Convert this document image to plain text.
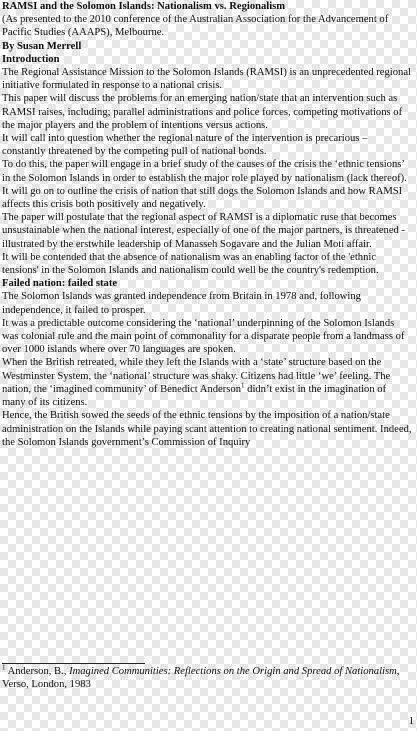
RAMSI and the Solomon Islands: Nationalism vs. Regionalism

(As presented to the 2010 conference of the Australian Association for the Advancement of Pacific Studies (AAAPS), Melbourne.

By Susan Merrell

Introduction

The Regional Assistance Mission to the Solomon Islands (RAMSI) is an unprecedented regional initiative formulated in response to a national crisis.

This paper will discuss the problems for an emerging nation/state that an intervention such as RAMSI raises, including; parallel administrations and police forces, competing motivations of the major players and the problem of intentions versus actions.

It will call into question whether the regional nature of the intervention is precarious – constantly threatened by the competing pull of national bonds.

To do this, the paper will engage in a brief study of the causes of the crisis the ‘ethnic tensions’ in the Solomon Islands in order to establish the major role played by nationalism (lack thereof). It will go on to outline the crisis of nation that still dogs the Solomon Islands and how RAMSI affects this crisis both positively and negatively.

The paper will postulate that the regional aspect of RAMSI is a diplomatic ruse that becomes unsustainable when the national interest, especially of one of the major partners, is threatened - illustrated by the erstwhile leadership of Manasseh Sogavare and the Julian Moti affair.

It will be contended that the absence of nationalism was an enabling factor of the 'ethnic tensions' in the Solomon Islands and nationalism could well be the country's redemption.

Failed nation: failed state

The Solomon Islands was granted independence from Britain in 1978 and, following independence, it failed to prosper.

It was a predictable outcome considering the ‘national’ underpinning of the Solomon Islands was colonial rule and the main point of commonality for a disparate people from a landmass of over 1000 islands where over 70 languages are spoken.

When the British retreated, while they left the Islands with a ‘state’ structure based on the Westminster System, the ‘national’ structure was shaky. Citizens had little ‘we’ feeling. The nation, the ‘imagined community’ of Benedict Anderson$^1$ didn’t exist in the imagination of many of its citizens.

Hence, the British sowed the seeds of the ethnic tensions by the imposition of a nation/state administration on the Islands while paying scant attention to creating national sentiment. Indeed, the Solomon Islands government’s Commission of Inquiry

$^1$ Anderson, B., Imagined Communities: Reflections on the Origin and Spread of Nationalism, Verso, London, 1983
1
